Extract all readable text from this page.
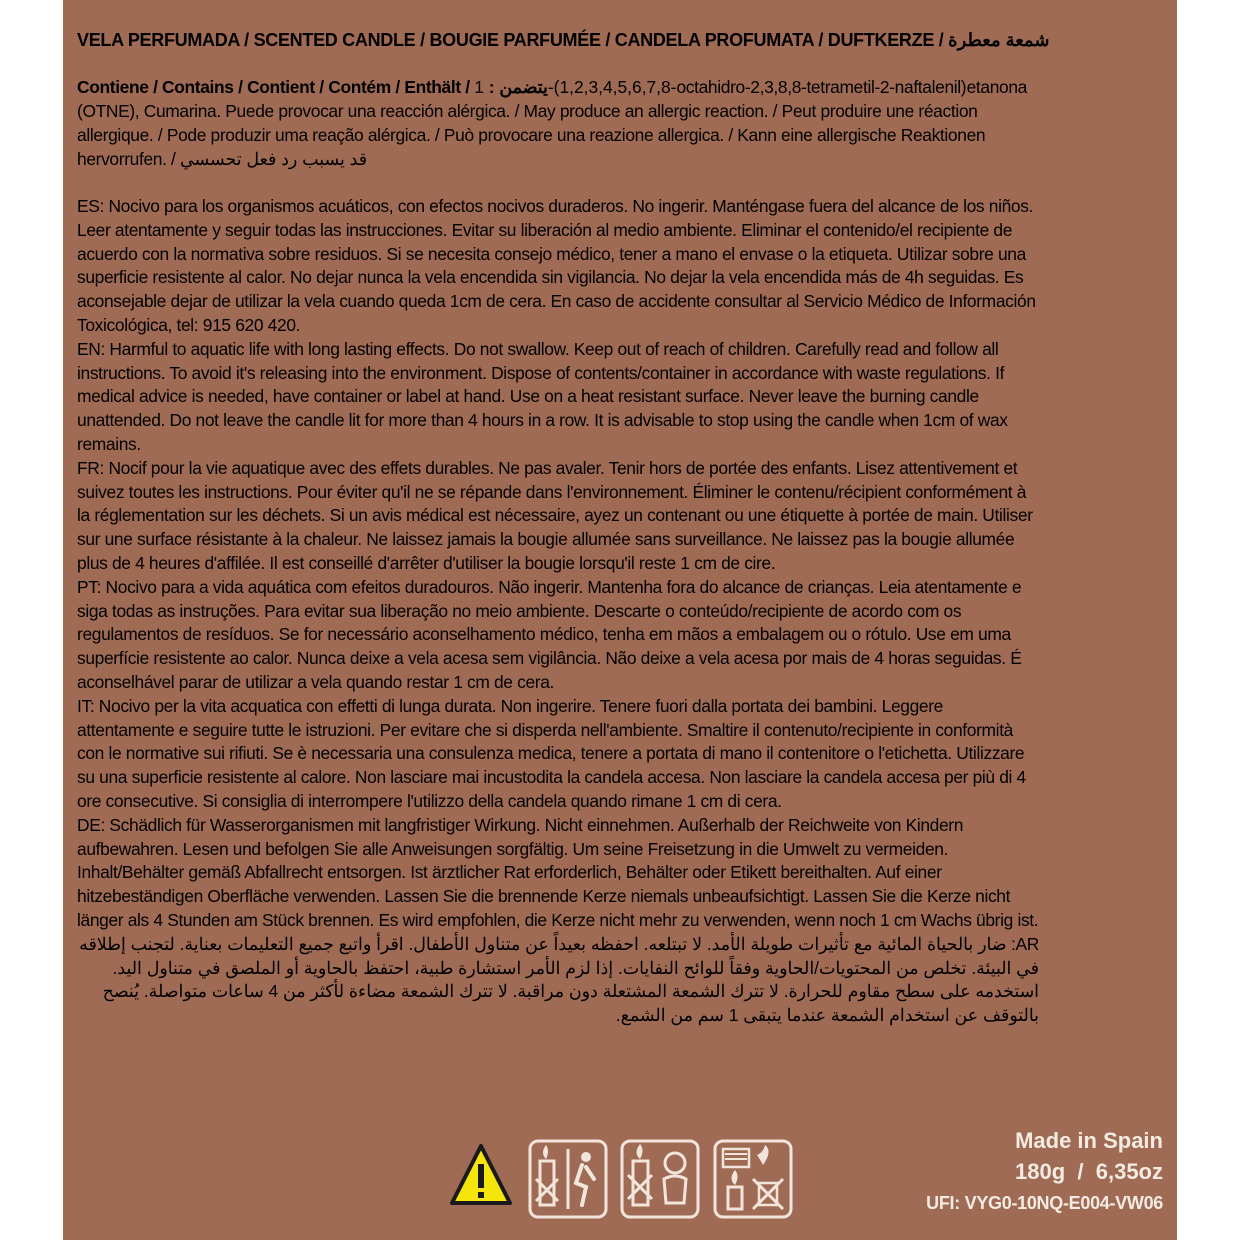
VELA PERFUMADA / SCENTED CANDLE / BOUGIE PARFUMÉE / CANDELA PROFUMATA / DUFTKERZE / شمعة معطرة
Contiene / Contains / Contient / Contém / Enthält / يتضمن : 1-(1,2,3,4,5,6,7,8-octahidro-2,3,8,8-tetrametil-2-naftalenil)etanona (OTNE), Cumarina. Puede provocar una reacción alérgica. / May produce an allergic reaction. / Peut produire une réaction allergique. / Pode produzir uma reação alérgica. / Può provocare una reazione allergica. / Kann eine allergische Reaktionen hervorrufen. / قد يسبب رد فعل تحسسي

ES: Nocivo para los organismos acuáticos, con efectos nocivos duraderos. No ingerir. Manténgase fuera del alcance de los niños. Leer atentamente y seguir todas las instrucciones. Evitar su liberación al medio ambiente. Eliminar el contenido/el recipiente de acuerdo con la normativa sobre residuos. Si se necesita consejo médico, tener a mano el envase o la etiqueta. Utilizar sobre una superficie resistente al calor. No dejar nunca la vela encendida sin vigilancia. No dejar la vela encendida más de 4h seguidas. Es aconsejable dejar de utilizar la vela cuando queda 1cm de cera. En caso de accidente consultar al Servicio Médico de Información Toxicológica, tel: 915 620 420.

EN: Harmful to aquatic life with long lasting effects. Do not swallow. Keep out of reach of children. Carefully read and follow all instructions. To avoid it's releasing into the environment. Dispose of contents/container in accordance with waste regulations. If medical advice is needed, have container or label at hand. Use on a heat resistant surface. Never leave the burning candle unattended. Do not leave the candle lit for more than 4 hours in a row. It is advisable to stop using the candle when 1cm of wax remains.

FR: Nocif pour la vie aquatique avec des effets durables. Ne pas avaler. Tenir hors de portée des enfants. Lisez attentivement et suivez toutes les instructions. Pour éviter qu'il ne se répande dans l'environnement. Éliminer le contenu/récipient conformément à la réglementation sur les déchets. Si un avis médical est nécessaire, ayez un contenant ou une étiquette à portée de main. Utiliser sur une surface résistante à la chaleur. Ne laissez jamais la bougie allumée sans surveillance. Ne laissez pas la bougie allumée plus de 4 heures d'affilée. Il est conseillé d'arrêter d'utiliser la bougie lorsqu'il reste 1 cm de cire.

PT: Nocivo para a vida aquática com efeitos duradouros. Não ingerir. Mantenha fora do alcance de crianças. Leia atentamente e siga todas as instruções. Para evitar sua liberação no meio ambiente. Descarte o conteúdo/recipiente de acordo com os regulamentos de resíduos. Se for necessário aconselhamento médico, tenha em mãos a embalagem ou o rótulo. Use em uma superfície resistente ao calor. Nunca deixe a vela acesa sem vigilância. Não deixe a vela acesa por mais de 4 horas seguidas. É aconselhável parar de utilizar a vela quando restar 1 cm de cera.

IT: Nocivo per la vita acquatica con effetti di lunga durata. Non ingerire. Tenere fuori dalla portata dei bambini. Leggere attentamente e seguire tutte le istruzioni. Per evitare che si disperda nell'ambiente. Smaltire il contenuto/recipiente in conformità con le normative sui rifiuti. Se è necessaria una consulenza medica, tenere a portata di mano il contenitore o l'etichetta. Utilizzare su una superficie resistente al calore. Non lasciare mai incustodita la candela accesa. Non lasciare la candela accesa per più di 4 ore consecutive. Si consiglia di interrompere l'utilizzo della candela quando rimane 1 cm di cera.

DE: Schädlich für Wasserorganismen mit langfristiger Wirkung. Nicht einnehmen. Außerhalb der Reichweite von Kindern aufbewahren. Lesen und befolgen Sie alle Anweisungen sorgfältig. Um seine Freisetzung in die Umwelt zu vermeiden. Inhalt/Behälter gemäß Abfallrecht entsorgen. Ist ärztlicher Rat erforderlich, Behälter oder Etikett bereithalten. Auf einer hitzebeständigen Oberfläche verwenden. Lassen Sie die brennende Kerze niemals unbeaufsichtigt. Lassen Sie die Kerze nicht länger als 4 Stunden am Stück brennen. Es wird empfohlen, die Kerze nicht mehr zu verwenden, wenn noch 1 cm Wachs übrig ist.

AR: ضار بالحياة المائية مع تأثيرات طويلة الأمد. لا تبتلعه. احفظه بعيداً عن متناول الأطفال. اقرأ واتبع جميع التعليمات بعناية. لتجنب إطلاقه في البيئة. تخلص من المحتويات/الحاوية وفقاً للوائح النفايات. إذا لزم الأمر استشارة طبية، احتفظ بالحاوية أو الملصق في متناول اليد. استخدمه على سطح مقاوم للحرارة. لا تترك الشمعة المشتعلة دون مراقبة. لا تترك الشمعة مضاءة لأكثر من 4 ساعات متواصلة. يُنصح بالتوقف عن استخدام الشمعة عندما يتبقى 1 سم من الشمع.

Made in Spain
180g  /  6,35oz
UFI: VYG0-10NQ-E004-VW06
